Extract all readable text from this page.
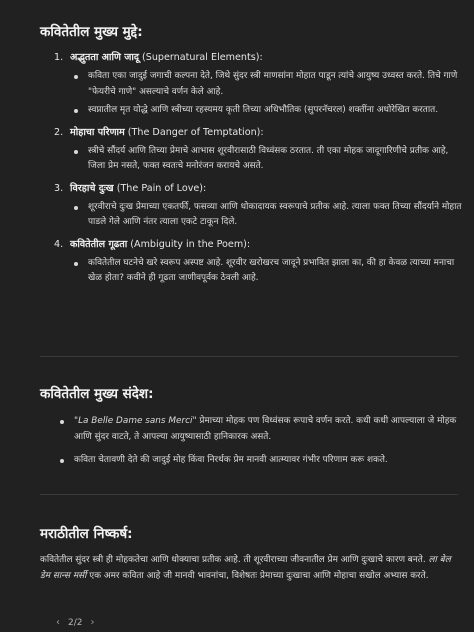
कवितेतील मुख्य मुद्दे:
1. अद्भुतता आणि जादू (Supernatural Elements):
कविता एका जादुई जगाची कल्पना देते, जिथे सुंदर स्त्री माणसांना मोहात पाडून त्यांचे आयुष्य उध्वस्त करते. तिचे गाणे "फेयरीचे गाणे" असल्याचे वर्णन केले आहे.
स्वप्नातील मृत योद्धे आणि स्त्रीच्या रहस्यमय कृती तिच्या अधिभौतिक (सुपरनॅचरल) शक्तींना अधोरेखित करतात.
2. मोहाचा परिणाम (The Danger of Temptation):
स्त्रीचे सौंदर्य आणि तिच्या प्रेमाचे आभास शूरवीरासाठी विध्वंसक ठरतात. ती एका मोहक जादूगारिणीचे प्रतीक आहे, जिला प्रेम नसते, फक्त स्वतःचे मनोरंजन करायचे असते.
3. विरहाचे दुःख (The Pain of Love):
शूरवीराचे दुःख प्रेमाच्या एकतर्फी, फसव्या आणि धोकादायक स्वरूपाचे प्रतीक आहे. त्याला फक्त तिच्या सौंदर्याने मोहात पाडले गेले आणि नंतर त्याला एकटे टाकून दिले.
4. कवितेतील गूढता (Ambiguity in the Poem):
कवितेतील घटनेचे खरे स्वरूप अस्पष्ट आहे. शूरवीर खरोखरच जादूने प्रभावित झाला का, की हा केवळ त्याच्या मनाचा खेळ होता? कवीने ही गूढता जाणीवपूर्वक ठेवली आहे.
कवितेतील मुख्य संदेश:
"La Belle Dame sans Merci" प्रेमाच्या मोहक पण विध्वंसक रूपाचे वर्णन करते. कधी कधी आपल्याला जे मोहक आणि सुंदर वाटते, ते आपल्या आयुष्यासाठी हानिकारक असते.
कविता चेतावणी देते की जादुई मोह किंवा निरर्थक प्रेम मानवी आत्म्यावर गंभीर परिणाम करू शकते.
मराठीतील निष्कर्ष:

कवितेतील सुंदर स्त्री ही मोहकतेचा आणि धोक्याचा प्रतीक आहे. ती शूरवीराच्या जीवनातील प्रेम आणि दुःखाचे कारण बनते. ला बेल डेम सान्स मर्सी एक अमर कविता आहे जी मानवी भावनांचा, विशेषतः प्रेमाच्या दुःखाचा आणि मोहाचा सखोल अभ्यास करते.

‹ 2/2 ›
